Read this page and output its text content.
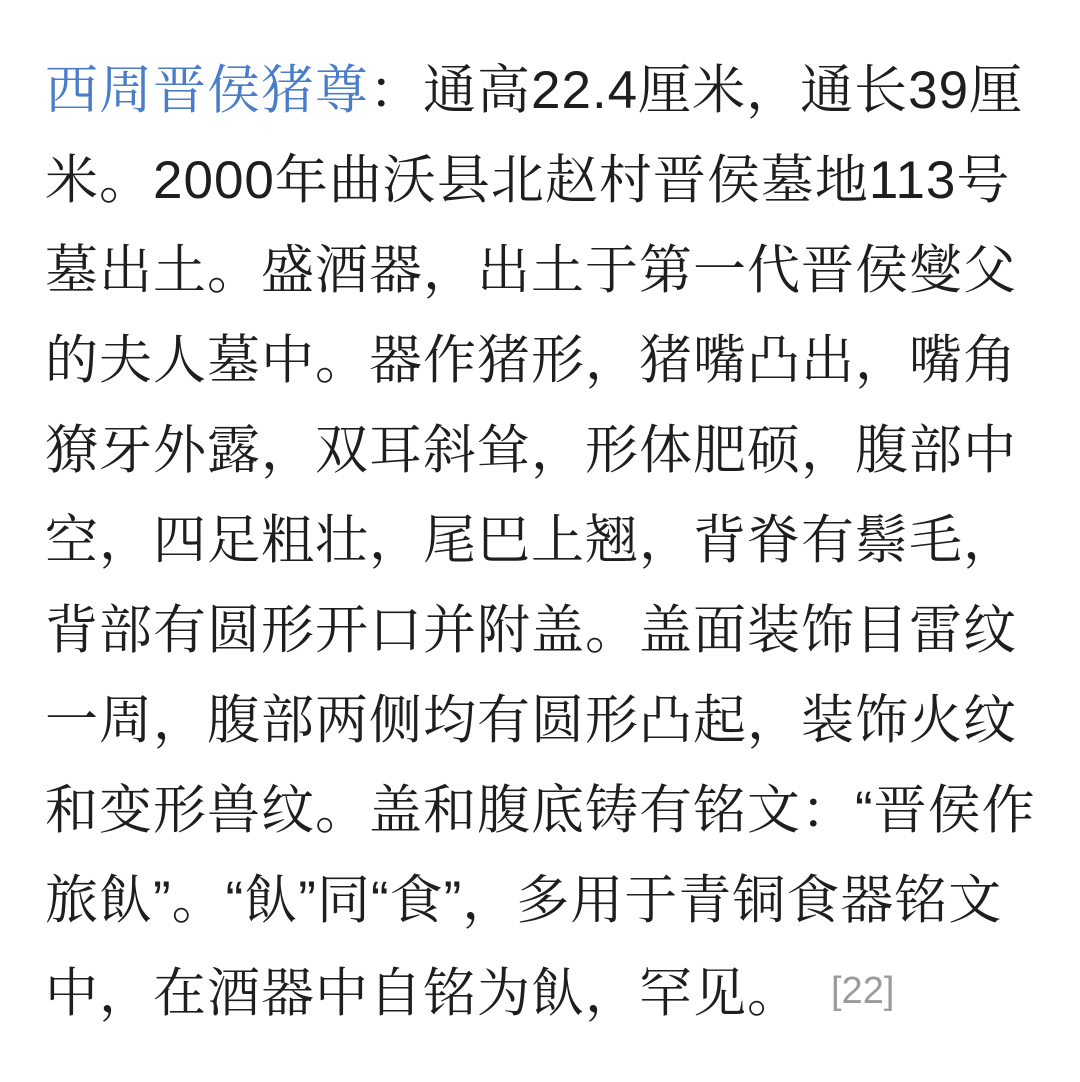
西周晋侯猪尊：通高22.4厘米，通长39厘
米。2000年曲沃县北赵村晋侯墓地113号
墓出土。盛酒器，出土于第一代晋侯燮父
的夫人墓中。器作猪形，猪嘴凸出，嘴角
獠牙外露，双耳斜耸，形体肥硕，腹部中
空，四足粗壮，尾巴上翘，背脊有鬃毛，
背部有圆形开口并附盖。盖面装饰目雷纹
一周，腹部两侧均有圆形凸起，装饰火纹
和变形兽纹。盖和腹底铸有铭文：“晋侯作
旅飤”。“飤”同“食”，多用于青铜食器铭文
中，在酒器中自铭为飤，罕见。 [22]
